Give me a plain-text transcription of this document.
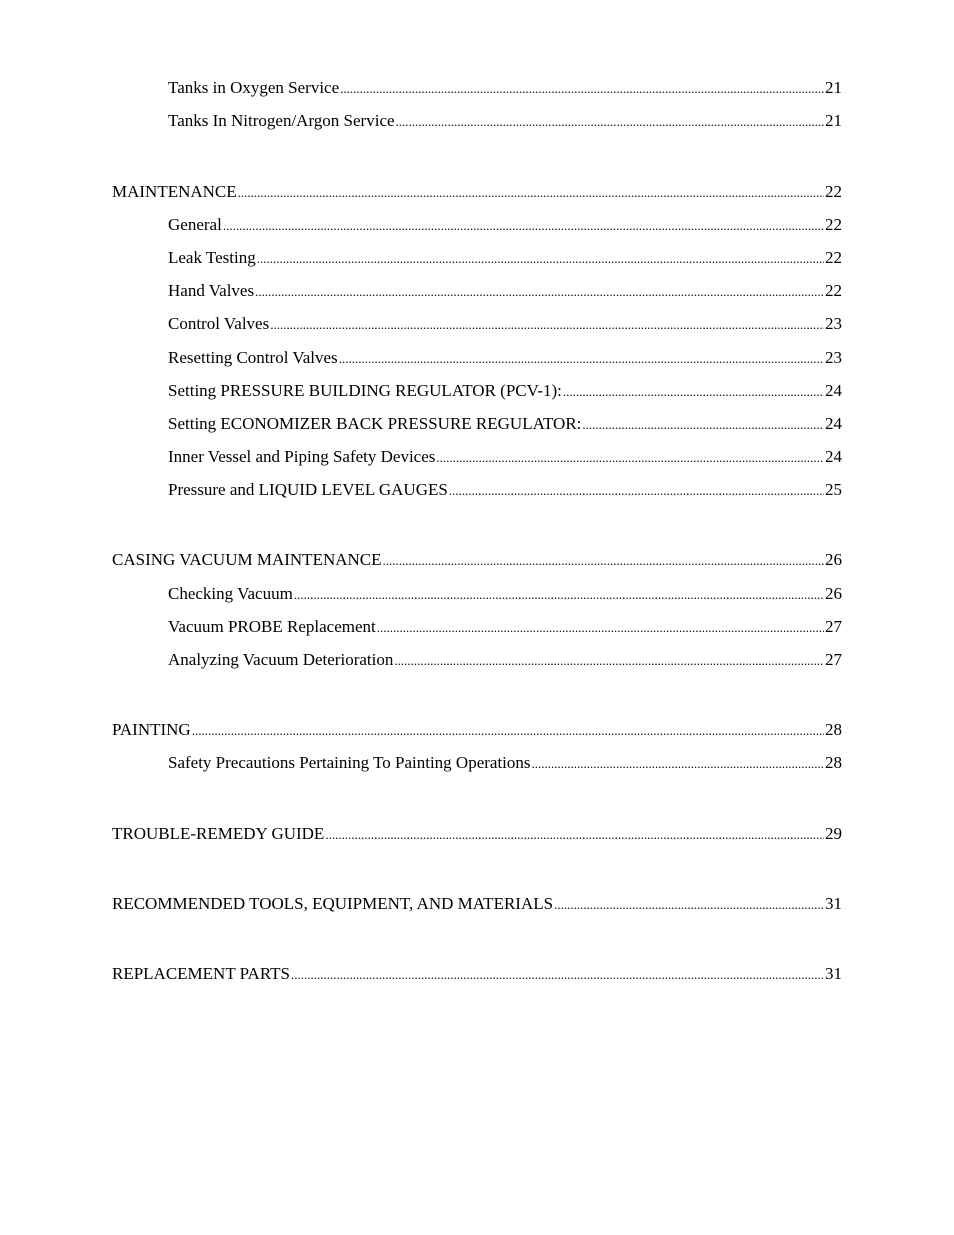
Tanks in Oxygen Service .....	21
Tanks In Nitrogen/Argon Service .....	21
MAINTENANCE .....	22
General .....	22
Leak Testing .....	22
Hand Valves .....	22
Control Valves .....	23
Resetting Control Valves .....	23
Setting PRESSURE BUILDING REGULATOR (PCV-1): .....	24
Setting ECONOMIZER BACK PRESSURE REGULATOR: .....	24
Inner Vessel and Piping Safety Devices .....	24
Pressure and LIQUID LEVEL GAUGES .....	25
CASING VACUUM MAINTENANCE .....	26
Checking Vacuum .....	26
Vacuum PROBE Replacement .....	27
Analyzing Vacuum Deterioration .....	27
PAINTING .....	28
Safety Precautions Pertaining To Painting Operations .....	28
TROUBLE-REMEDY GUIDE .....	29
RECOMMENDED TOOLS, EQUIPMENT, AND MATERIALS .....	31
REPLACEMENT PARTS .....	31
